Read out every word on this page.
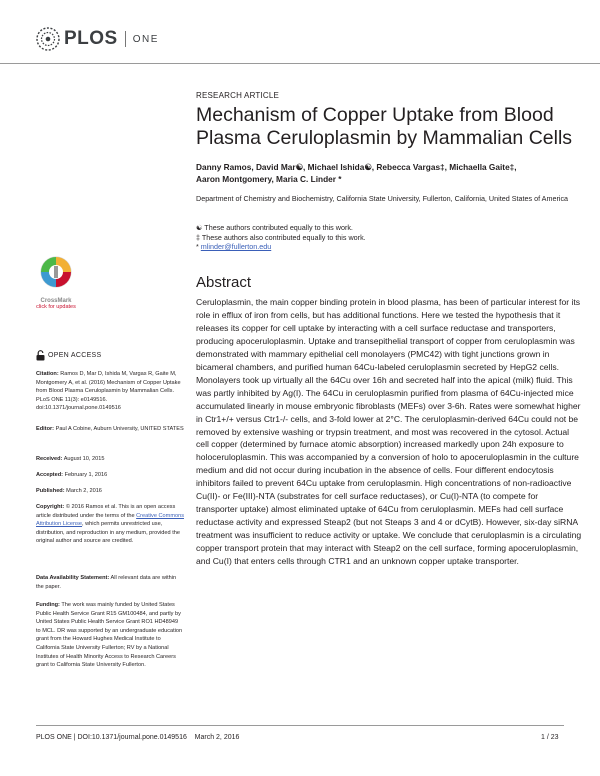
PLOS ONE
RESEARCH ARTICLE
Mechanism of Copper Uptake from Blood Plasma Ceruloplasmin by Mammalian Cells
Danny Ramos, David Mar☯, Michael Ishida☯, Rebecca Vargas‡, Michaella Gaite‡,
Aaron Montgomery, Maria C. Linder *
Department of Chemistry and Biochemistry, California State University, Fullerton, California, United States of America
☯ These authors contributed equally to this work.
‡ These authors also contributed equally to this work.
* mlinder@fullerton.edu
Abstract
Ceruloplasmin, the main copper binding protein in blood plasma, has been of particular interest for its role in efflux of iron from cells, but has additional functions. Here we tested the hypothesis that it releases its copper for cell uptake by interacting with a cell surface reductase and transporters, producing apoceruloplasmin. Uptake and transepithelial transport of copper from ceruloplasmin was demonstrated with mammary epithelial cell monolayers (PMC42) with tight junctions grown in bicameral chambers, and purified human 64Cu-labeled ceruloplasmin secreted by HepG2 cells. Monolayers took up virtually all the 64Cu over 16h and secreted half into the apical (milk) fluid. This was partly inhibited by Ag(I). The 64Cu in ceruloplasmin purified from plasma of 64Cu-injected mice accumulated linearly in mouse embryonic fibroblasts (MEFs) over 3-6h. Rates were somewhat higher in Ctr1+/+ versus Ctr1-/- cells, and 3-fold lower at 2°C. The ceruloplasmin-derived 64Cu could not be removed by extensive washing or trypsin treatment, and most was recovered in the cytosol. Actual cell copper (determined by furnace atomic absorption) increased markedly upon 24h exposure to holoceruloplasmin. This was accompanied by a conversion of holo to apoceruloplasmin in the culture medium and did not occur during incubation in the absence of cells. Four different endocytosis inhibitors failed to prevent 64Cu uptake from ceruloplasmin. High concentrations of non-radioactive Cu(II)- or Fe(III)-NTA (substrates for cell surface reductases), or Cu(I)-NTA (to compete for transporter uptake) almost eliminated uptake of 64Cu from ceruloplasmin. MEFs had cell surface reductase activity and expressed Steap2 (but not Steaps 3 and 4 or dCytB). However, six-day siRNA treatment was insufficient to reduce activity or uptake. We conclude that ceruloplasmin is a circulating copper transport protein that may interact with Steap2 on the cell surface, forming apoceruloplasmin, and Cu(I) that enters cells through CTR1 and an unknown copper uptake transporter.
CrossMark
click for updates
OPEN ACCESS
Citation: Ramos D, Mar D, Ishida M, Vargas R, Gaite M, Montgomery A, et al. (2016) Mechanism of Copper Uptake from Blood Plasma Ceruloplasmin by Mammalian Cells. PLoS ONE 11(3): e0149516. doi:10.1371/journal.pone.0149516
Editor: Paul A Cobine, Auburn University, UNITED STATES
Received: August 10, 2015
Accepted: February 1, 2016
Published: March 2, 2016
Copyright: © 2016 Ramos et al. This is an open access article distributed under the terms of the Creative Commons Attribution License, which permits unrestricted use, distribution, and reproduction in any medium, provided the original author and source are credited.
Data Availability Statement: All relevant data are within the paper.
Funding: The work was mainly funded by United States Public Health Service Grant R15 GM100484, and partly by United States Public Health Service Grant RO1 HD48949 to MCL. DR was supported by an undergraduate education grant from the Howard Hughes Medical Institute to California State University Fullerton; RV by a National Institutes of Health Minority Access to Research Careers grant to California State University Fullerton.
PLOS ONE | DOI:10.1371/journal.pone.0149516    March 2, 2016	1 / 23
